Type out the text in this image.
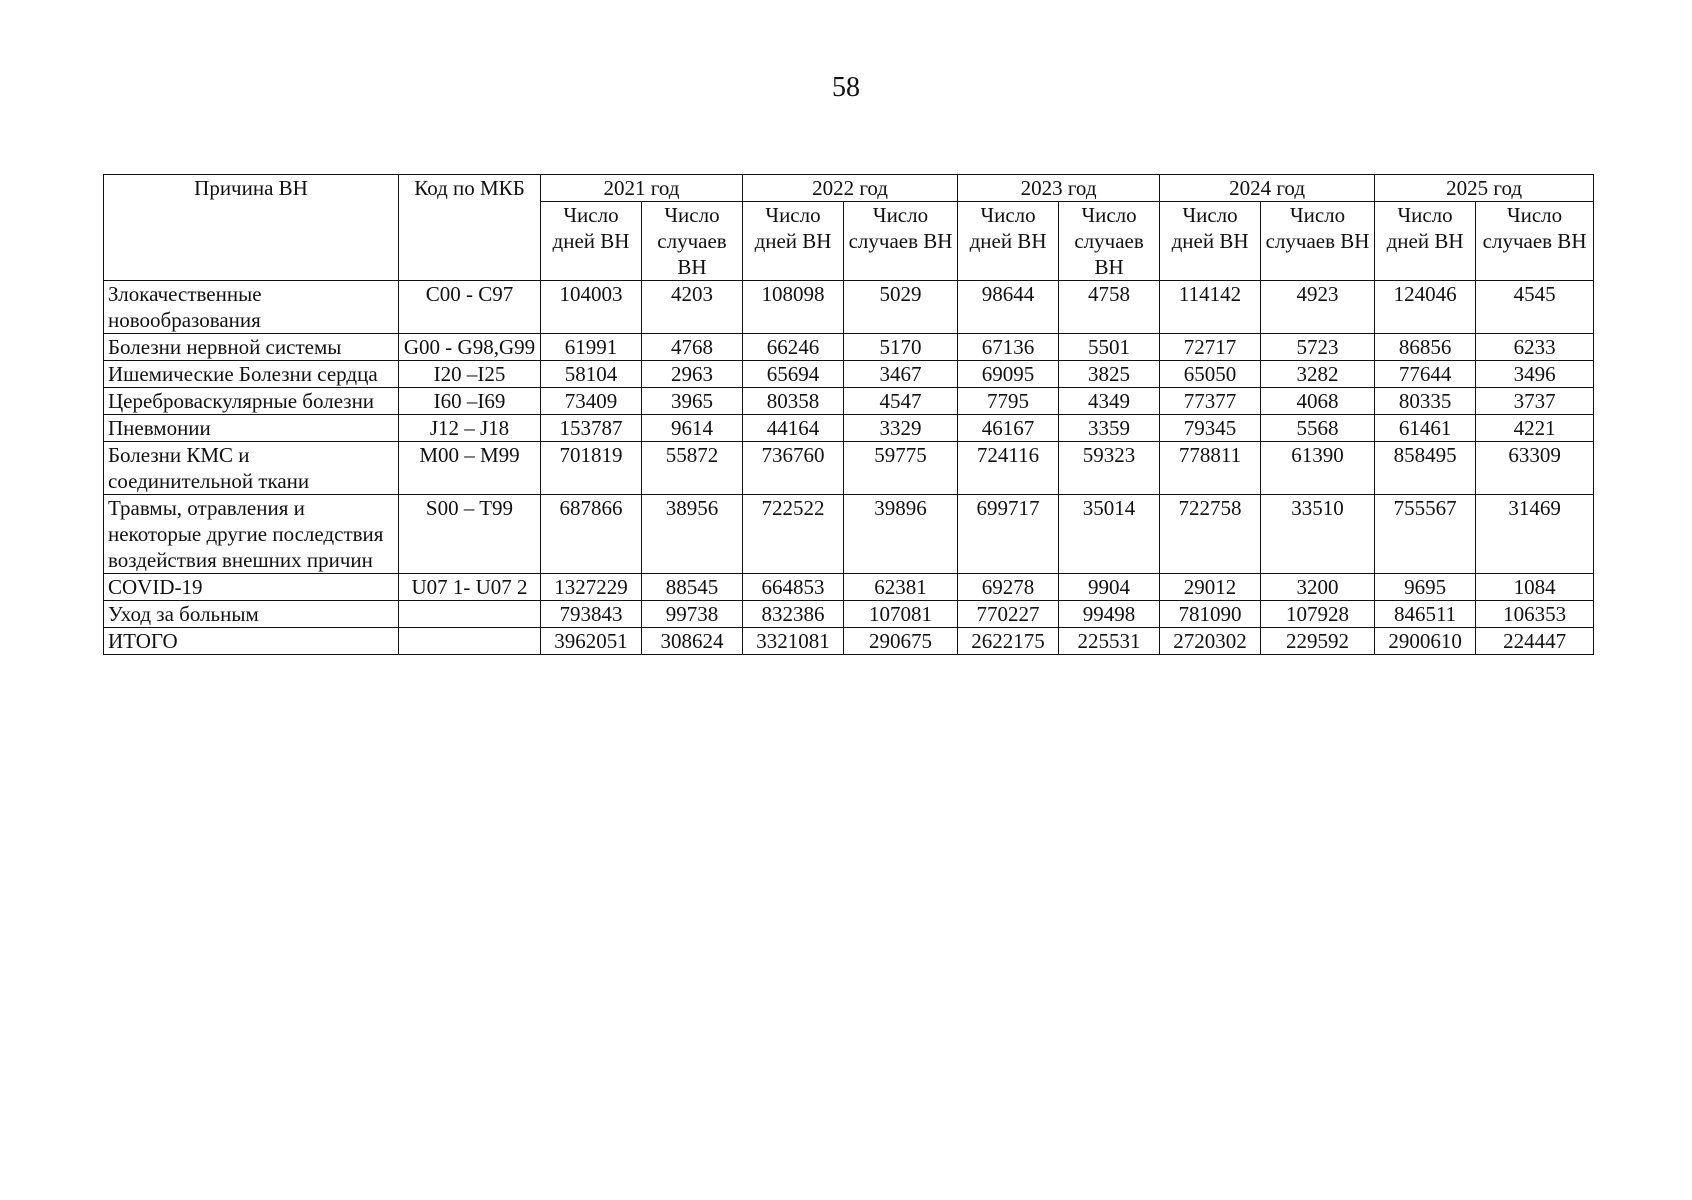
58
Причина ВН	Код по МКБ	2021 год		2022 год		2023 год		2024 год		2025 год	
		Число дней ВН	Число случаев ВН	Число дней ВН	Число случаев ВН	Число дней ВН	Число случаев ВН	Число дней ВН	Число случаев ВН	Число дней ВН	Число случаев ВН
Злокачественные новообразования	C00 - C97	104003	4203	108098	5029	98644	4758	114142	4923	124046	4545
Болезни нервной системы	G00 - G98,G99	61991	4768	66246	5170	67136	5501	72717	5723	86856	6233
Ишемические Болезни сердца	I20 –I25	58104	2963	65694	3467	69095	3825	65050	3282	77644	3496
Цереброваскулярные болезни	I60 –I69	73409	3965	80358	4547	7795	4349	77377	4068	80335	3737
Пневмонии	J12 – J18	153787	9614	44164	3329	46167	3359	79345	5568	61461	4221
Болезни КМС и соединительной ткани	M00 – M99	701819	55872	736760	59775	724116	59323	778811	61390	858495	63309
Травмы, отравления и некоторые другие последствия воздействия внешних причин	S00 – T99	687866	38956	722522	39896	699717	35014	722758	33510	755567	31469
COVID-19	U07 1- U07 2	1327229	88545	664853	62381	69278	9904	29012	3200	9695	1084
Уход за больным		793843	99738	832386	107081	770227	99498	781090	107928	846511	106353
ИТОГО		3962051	308624	3321081	290675	2622175	225531	2720302	229592	2900610	224447
